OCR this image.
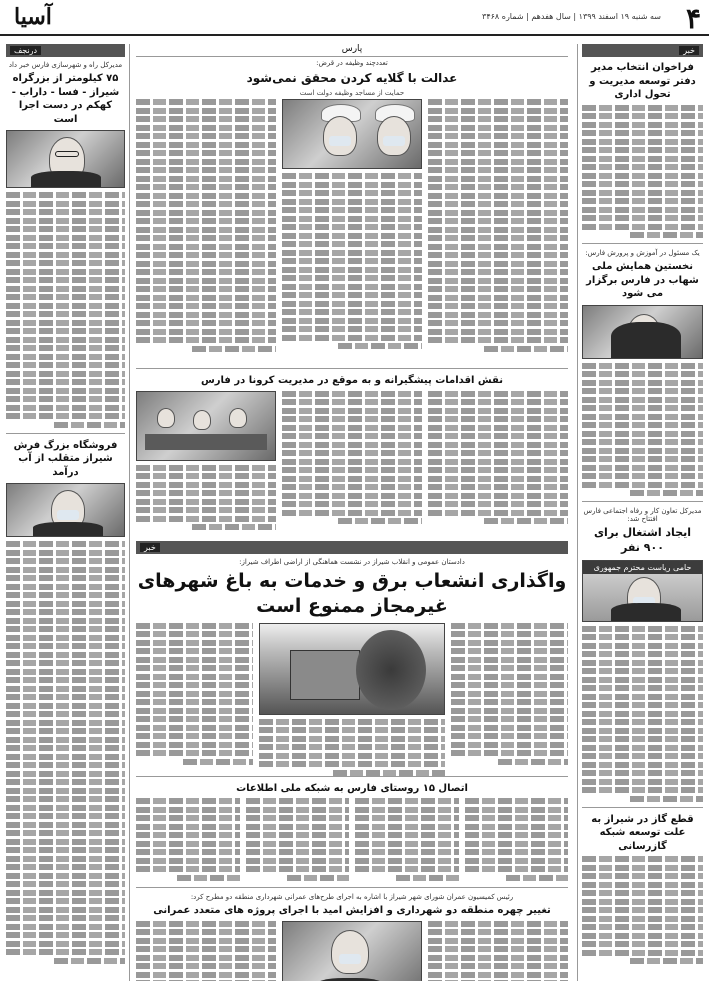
۴
سه شنبه ۱۹ اسفند ۱۳۹۹ | سال هفدهم | شماره ۳۴۶۸
آسیا
خبر
فراخوان انتخاب مدیر دفتر توسعه مدیریت و تحول اداری
یک مسئول در آموزش و پرورش فارس:
نخستین همایش ملی شهاب در فارس برگزار می شود
مدیرکل تعاون کار و رفاه اجتماعی فارس افتتاح شد:
ایجاد اشتغال برای ۹۰۰ نفر
حامی ریاست محترم جمهوری
قطع گاز در شیراز به علت توسعه شبکه گازرسانی
درنجف
مدیرکل راه و شهرسازی فارس خبر داد
۷۵ کیلومتر از بزرگراه شیراز - فسا - داراب - کهکم در دست اجرا است
فروشگاه بزرگ فرش شیراز متقلب از آب درآمد
پارس
تعددچند وظیفه در قرض:
عدالت با گلایه کردن محقق نمی‌شود
حمایت از مساجد وظیفه دولت است
نقش اقدامات پیشگیرانه و به موقع در مدیریت کرونا در فارس
خبر
دادستان عمومی و انقلاب شیراز در نشست هماهنگی از اراضی اطراف شیراز:
واگذاری انشعاب برق و خدمات به باغ شهرهای غیرمجاز ممنوع است
اتصال ۱۵ روستای فارس به شبکه ملی اطلاعات
رئیس کمیسیون عمران شورای شهر شیراز با اشاره به اجرای طرح‌های عمرانی شهرداری منطقه دو مطرح کرد:
تغییر چهره منطقه دو شهرداری و افزایش امید با اجرای پروژه های متعدد عمرانی
